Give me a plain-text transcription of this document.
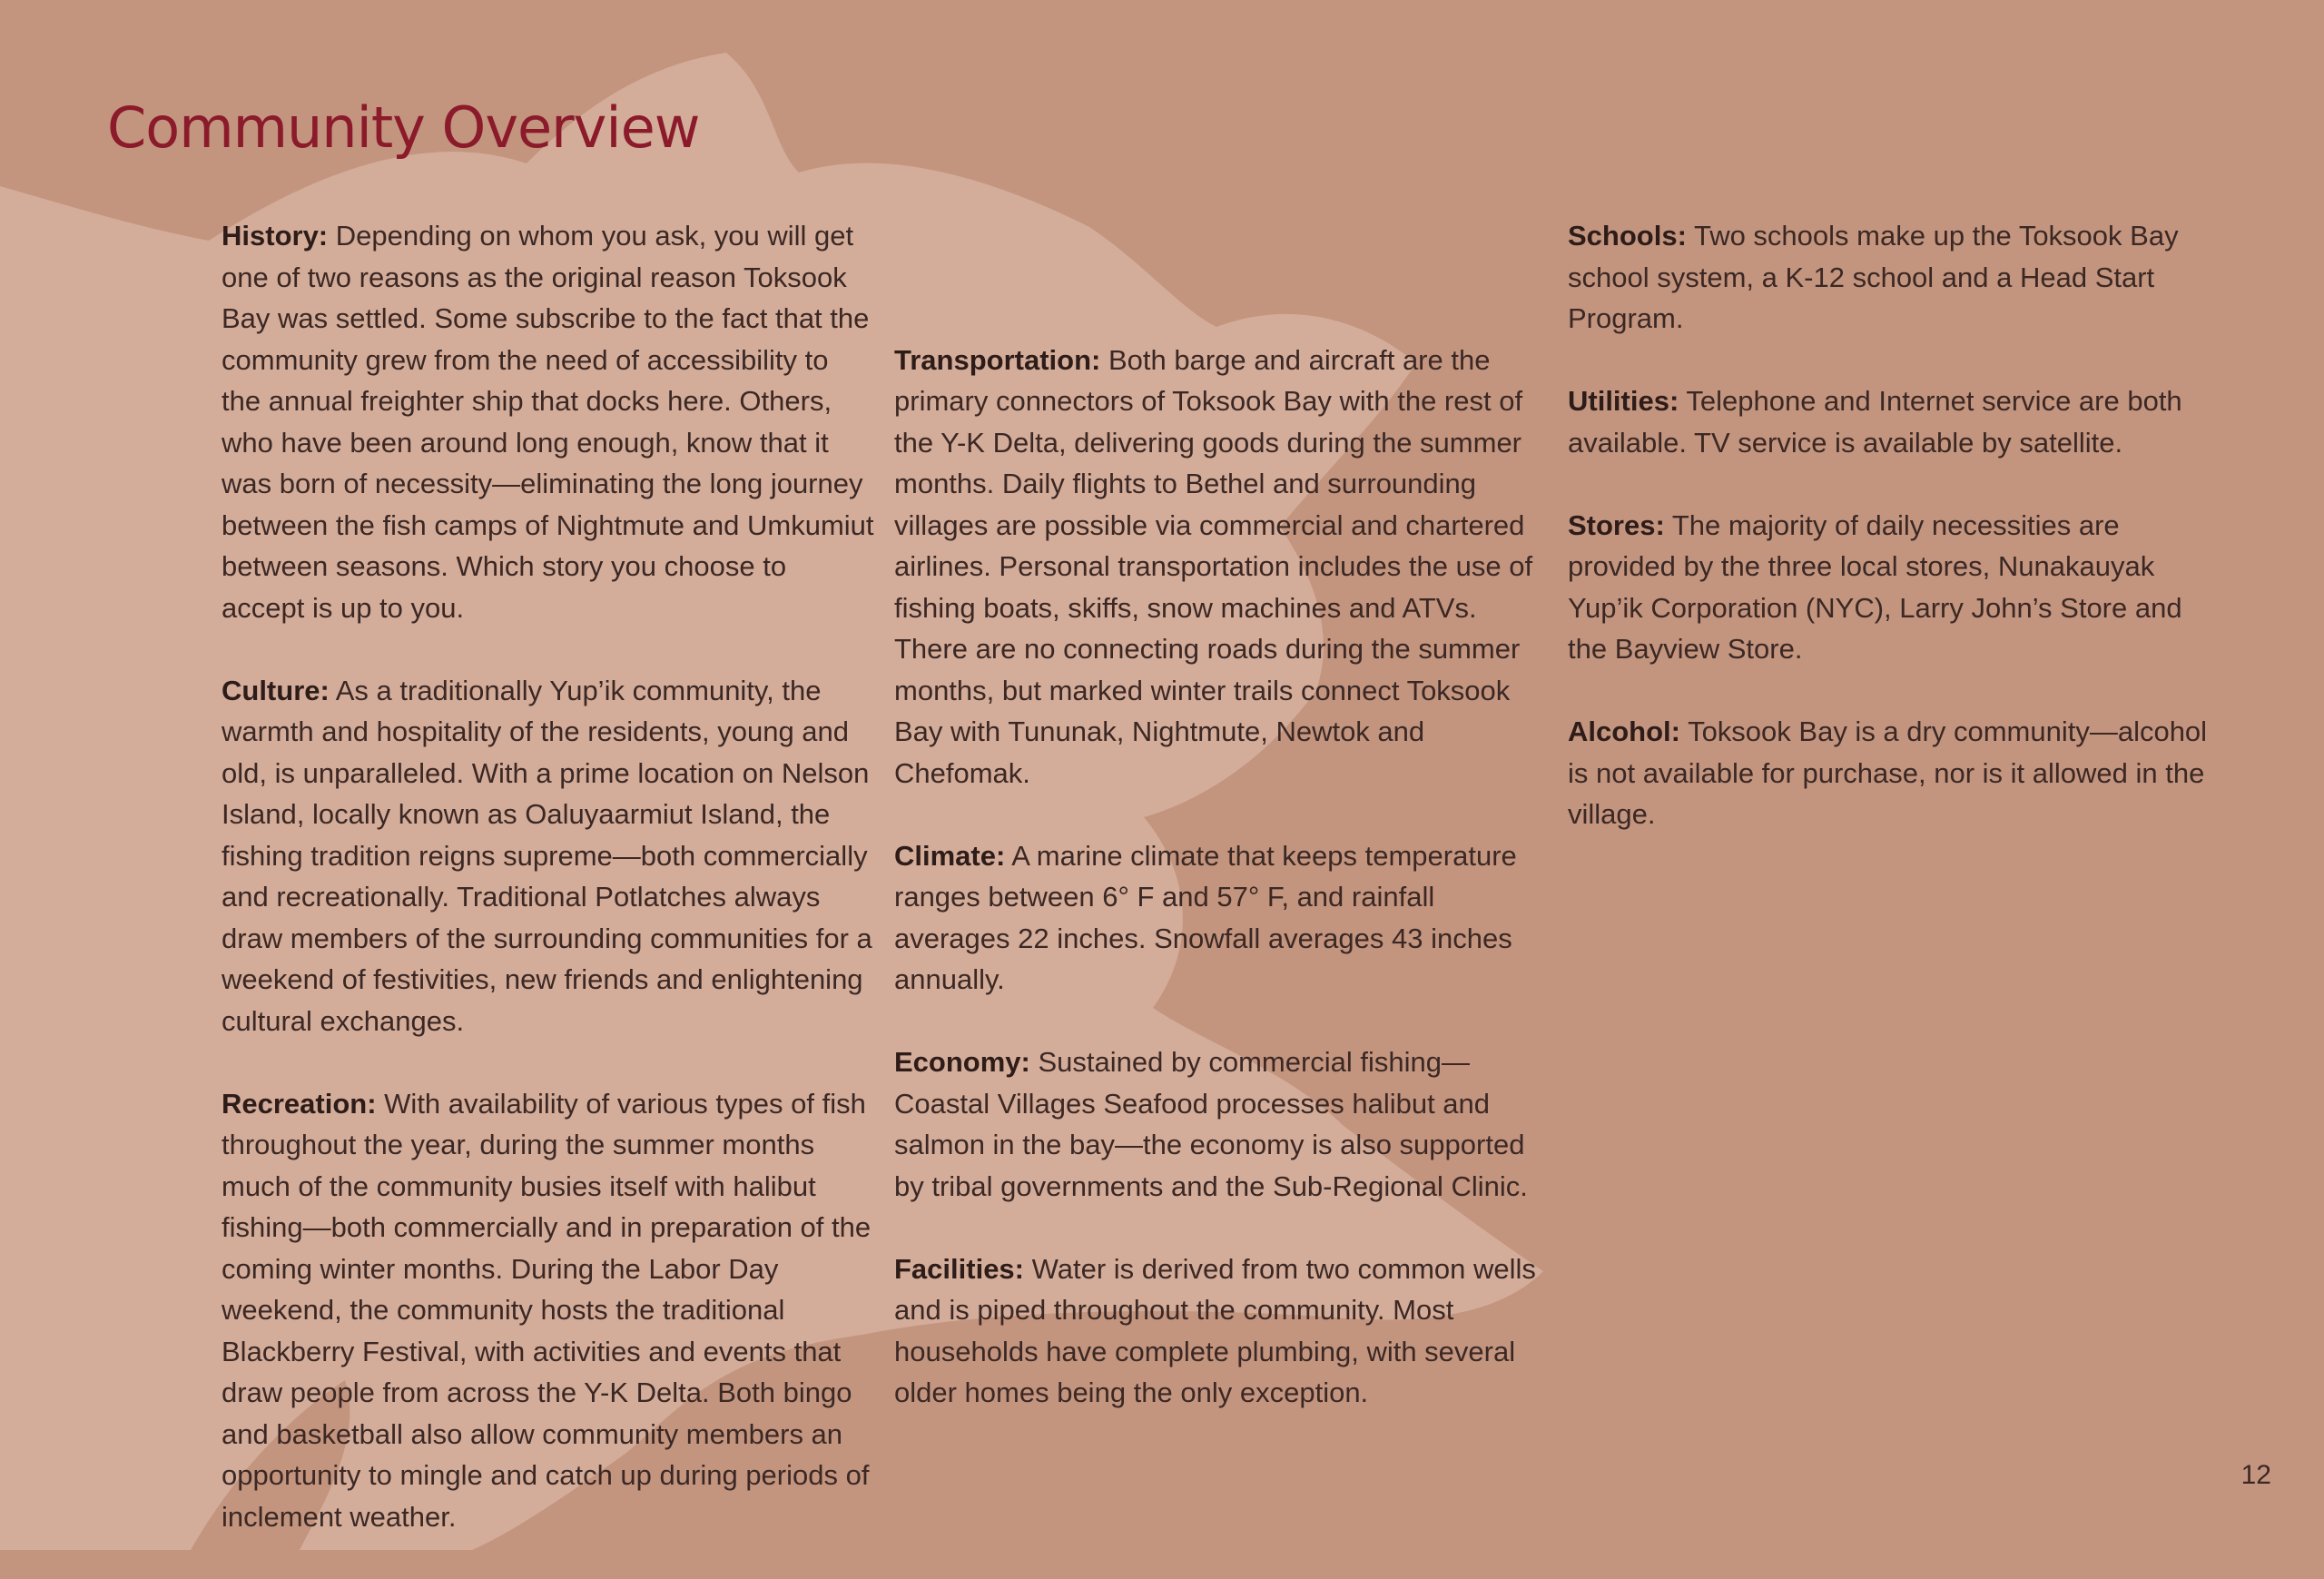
Community Overview

History: Depending on whom you ask, you will get one of two reasons as the original reason Toksook Bay was settled. Some subscribe to the fact that the community grew from the need of accessibility to the annual freighter ship that docks here. Others, who have been around long enough, know that it was born of necessity—eliminating the long journey between the fish camps of Nightmute and Umkumiut between seasons. Which story you choose to accept is up to you.

Culture: As a traditionally Yup’ik community, the warmth and hospitality of the residents, young and old, is unparalleled. With a prime location on Nelson Island, locally known as Oaluyaarmiut Island, the fishing tradition reigns supreme—both commercially and recreationally. Traditional Potlatches always draw members of the surrounding communities for a weekend of festivities, new friends and enlightening cultural exchanges.

Recreation: With availability of various types of fish throughout the year, during the summer months much of the community busies itself with halibut fishing—both commercially and in preparation of the coming winter months. During the Labor Day weekend, the community hosts the traditional Blackberry Festival, with activities and events that draw people from across the Y-K Delta. Both bingo and basketball also allow community members an opportunity to mingle and catch up during periods of inclement weather.

Transportation: Both barge and aircraft are the primary connectors of Toksook Bay with the rest of the Y-K Delta, delivering goods during the summer months. Daily flights to Bethel and surrounding villages are possible via commercial and chartered airlines. Personal transportation includes the use of fishing boats, skiffs, snow machines and ATVs. There are no connecting roads during the summer months, but marked winter trails connect Toksook Bay with Tununak, Nightmute, Newtok and Chefomak.

Climate: A marine climate that keeps temperature ranges between 6° F and 57° F, and rainfall averages 22 inches. Snowfall averages 43 inches annually.

Economy: Sustained by commercial fishing—Coastal Villages Seafood processes halibut and salmon in the bay—the economy is also supported by tribal governments and the Sub-Regional Clinic.

Facilities: Water is derived from two common wells and is piped throughout the community. Most households have complete plumbing, with several older homes being the only exception.

Schools: Two schools make up the Toksook Bay school system, a K-12 school and a Head Start Program.

Utilities: Telephone and Internet service are both available. TV service is available by satellite.

Stores: The majority of daily necessities are provided by the three local stores, Nunakauyak Yup’ik Corporation (NYC), Larry John’s Store and the Bayview Store.

Alcohol: Toksook Bay is a dry community—alcohol is not available for purchase, nor is it allowed in the village.

12
